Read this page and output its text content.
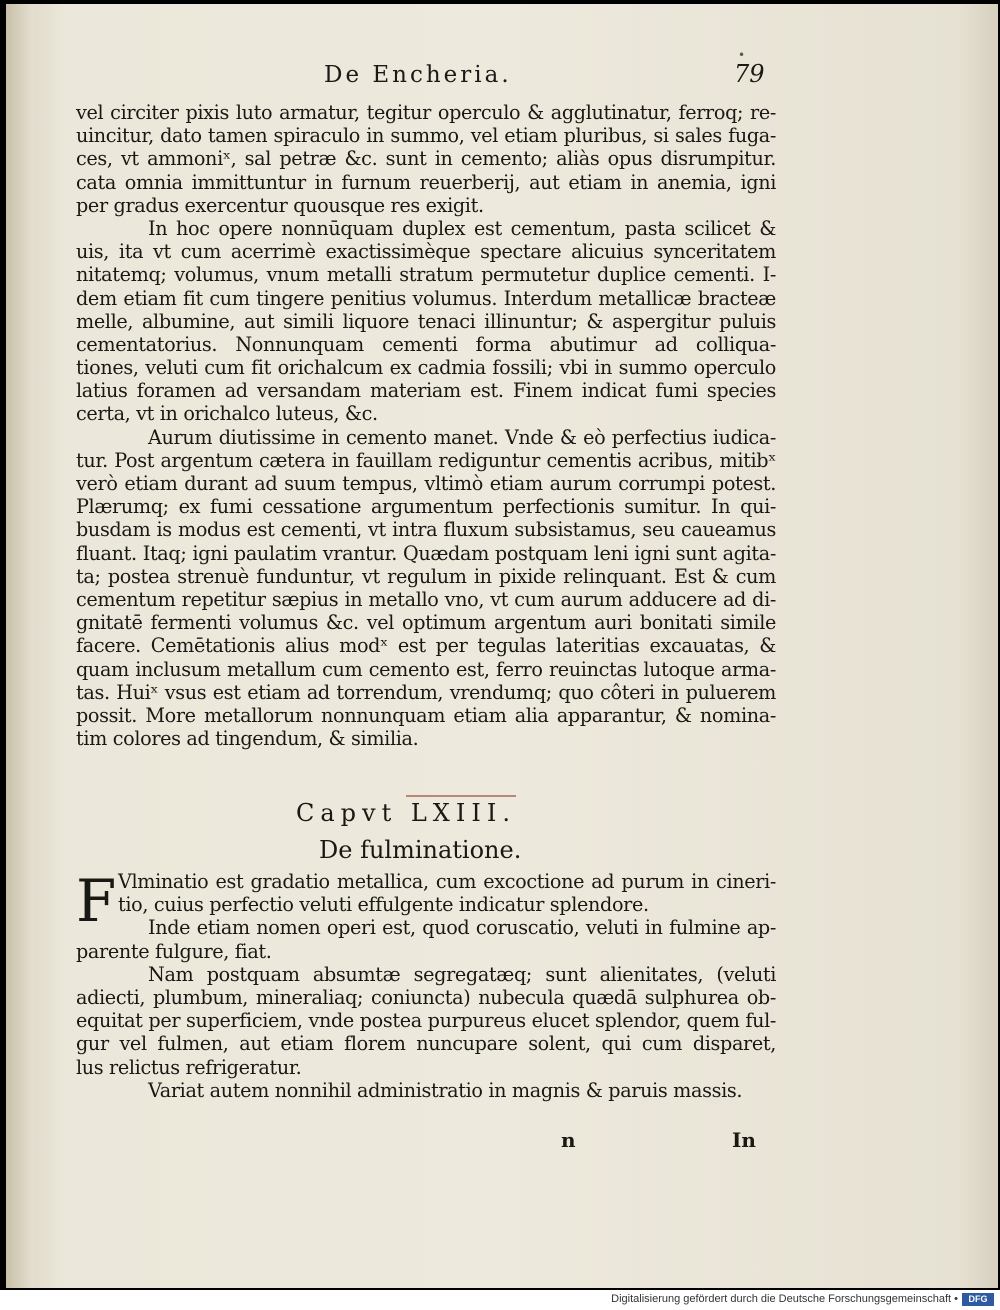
De Encheria.
•
79
vel circiter pixis luto armatur, tegitur operculo & agglutinatur, ferroq; re-
uincitur, dato tamen spiraculo in summo, vel etiam pluribus, si sales fuga-
ces, vt ammoniˣ, sal petræ &c. sunt in cemento; aliàs opus disrumpitur.
cata omnia immittuntur in furnum reuerberij, aut etiam in anemia, igni
per gradus exercentur quousque res exigit.
In hoc opere nonnūquam duplex est cementum, pasta scilicet &
uis, ita vt cum acerrimè exactissimèque spectare alicuius synceritatem
nitatemq; volumus, vnum metalli stratum permutetur duplice cementi. I-
dem etiam fit cum tingere penitius volumus. Interdum metallicæ bracteæ
melle, albumine, aut simili liquore tenaci illinuntur; & aspergitur puluis
cementatorius. Nonnunquam cementi forma abutimur ad colliqua-
tiones, veluti cum fit orichalcum ex cadmia fossili; vbi in summo operculo
latius foramen ad versandam materiam est. Finem indicat fumi species
certa, vt in orichalco luteus, &c.
Aurum diutissime in cemento manet. Vnde & eò perfectius iudica-
tur. Post argentum cætera in fauillam rediguntur cementis acribus, mitibˣ
verò etiam durant ad suum tempus, vltimò etiam aurum corrumpi potest.
Plærumq; ex fumi cessatione argumentum perfectionis sumitur. In qui-
busdam is modus est cementi, vt intra fluxum subsistamus, seu caueamus
fluant. Itaq; igni paulatim vrantur. Quædam postquam leni igni sunt agita-
ta; postea strenuè funduntur, vt regulum in pixide relinquant. Est & cum
cementum repetitur sæpius in metallo vno, vt cum aurum adducere ad di-
gnitatē fermenti volumus &c. vel optimum argentum auri bonitati simile
facere. Cemētationis alius modˣ est per tegulas lateritias excauatas, &
quam inclusum metallum cum cemento est, ferro reuinctas lutoque arma-
tas. Huiˣ vsus est etiam ad torrendum, vrendumq; quo côteri in puluerem
possit. More metallorum nonnunquam etiam alia apparantur, & nomina-
tim colores ad tingendum, & similia.
Capvt LXIII.
De fulminatione.
F Vlminatio est gradatio metallica, cum excoctione ad purum in cineri-
tio, cuius perfectio veluti effulgente indicatur splendore.
Inde etiam nomen operi est, quod coruscatio, veluti in fulmine ap-
parente fulgure, fiat.
Nam postquam absumtæ segregatæq; sunt alienitates, (veluti
adiecti, plumbum, mineraliaq; coniuncta) nubecula quædā sulphurea ob-
equitat per superficiem, vnde postea purpureus elucet splendor, quem ful-
gur vel fulmen, aut etiam florem nuncupare solent, qui cum disparet,
lus relictus refrigeratur.
Variat autem nonnihil administratio in magnis & paruis massis.
n	In
Digitalisierung gefördert durch die Deutsche Forschungsgemeinschaft •	DFG
